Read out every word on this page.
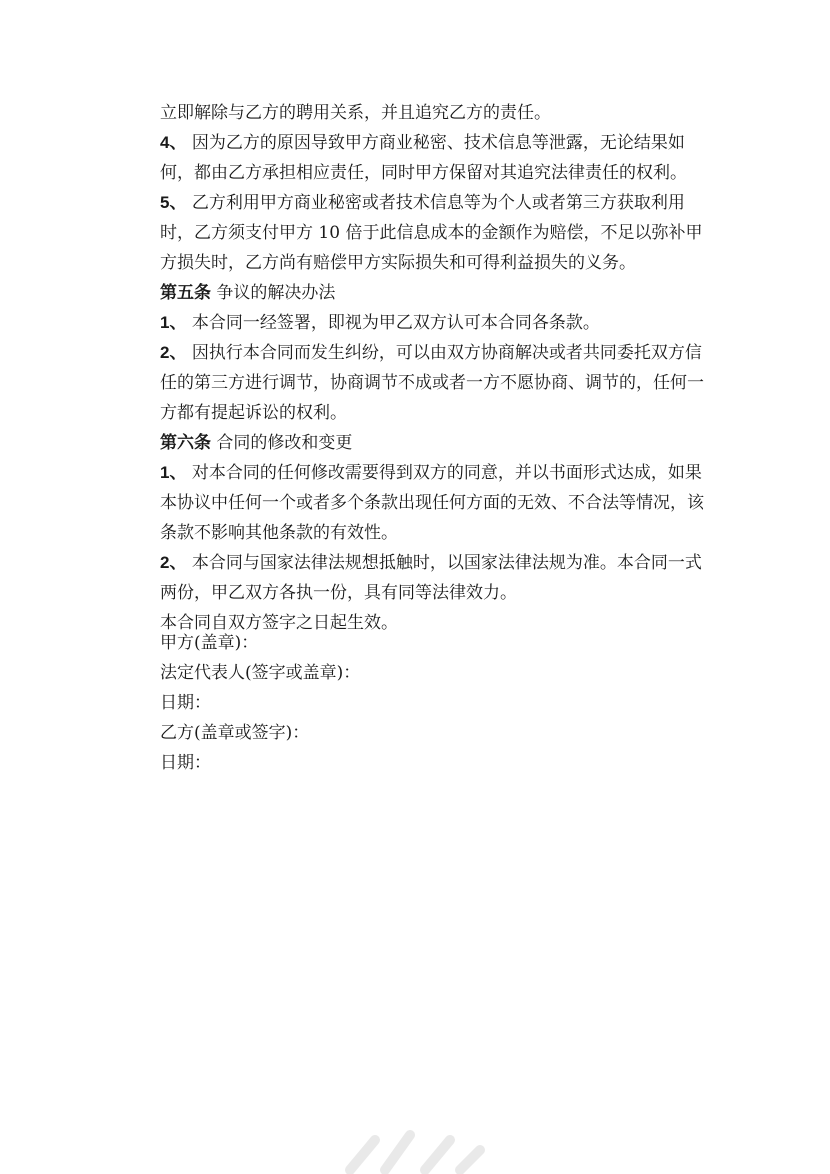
立即解除与乙方的聘用关系，并且追究乙方的责任。

4、 因为乙方的原因导致甲方商业秘密、技术信息等泄露，无论结果如何，都由乙方承担相应责任，同时甲方保留对其追究法律责任的权利。

5、 乙方利用甲方商业秘密或者技术信息等为个人或者第三方获取利用时，乙方须支付甲方 10 倍于此信息成本的金额作为赔偿，不足以弥补甲方损失时，乙方尚有赔偿甲方实际损失和可得利益损失的义务。

第五条 争议的解决办法

1、 本合同一经签署，即视为甲乙双方认可本合同各条款。

2、 因执行本合同而发生纠纷，可以由双方协商解决或者共同委托双方信任的第三方进行调节，协商调节不成或者一方不愿协商、调节的，任何一方都有提起诉讼的权利。

第六条 合同的修改和变更

1、 对本合同的任何修改需要得到双方的同意，并以书面形式达成，如果本协议中任何一个或者多个条款出现任何方面的无效、不合法等情况，该条款不影响其他条款的有效性。

2、 本合同与国家法律法规想抵触时，以国家法律法规为准。本合同一式两份，甲乙双方各执一份，具有同等法律效力。

本合同自双方签字之日起生效。

甲方(盖章)：

法定代表人(签字或盖章)：

日期：

乙方(盖章或签字)：

日期：
